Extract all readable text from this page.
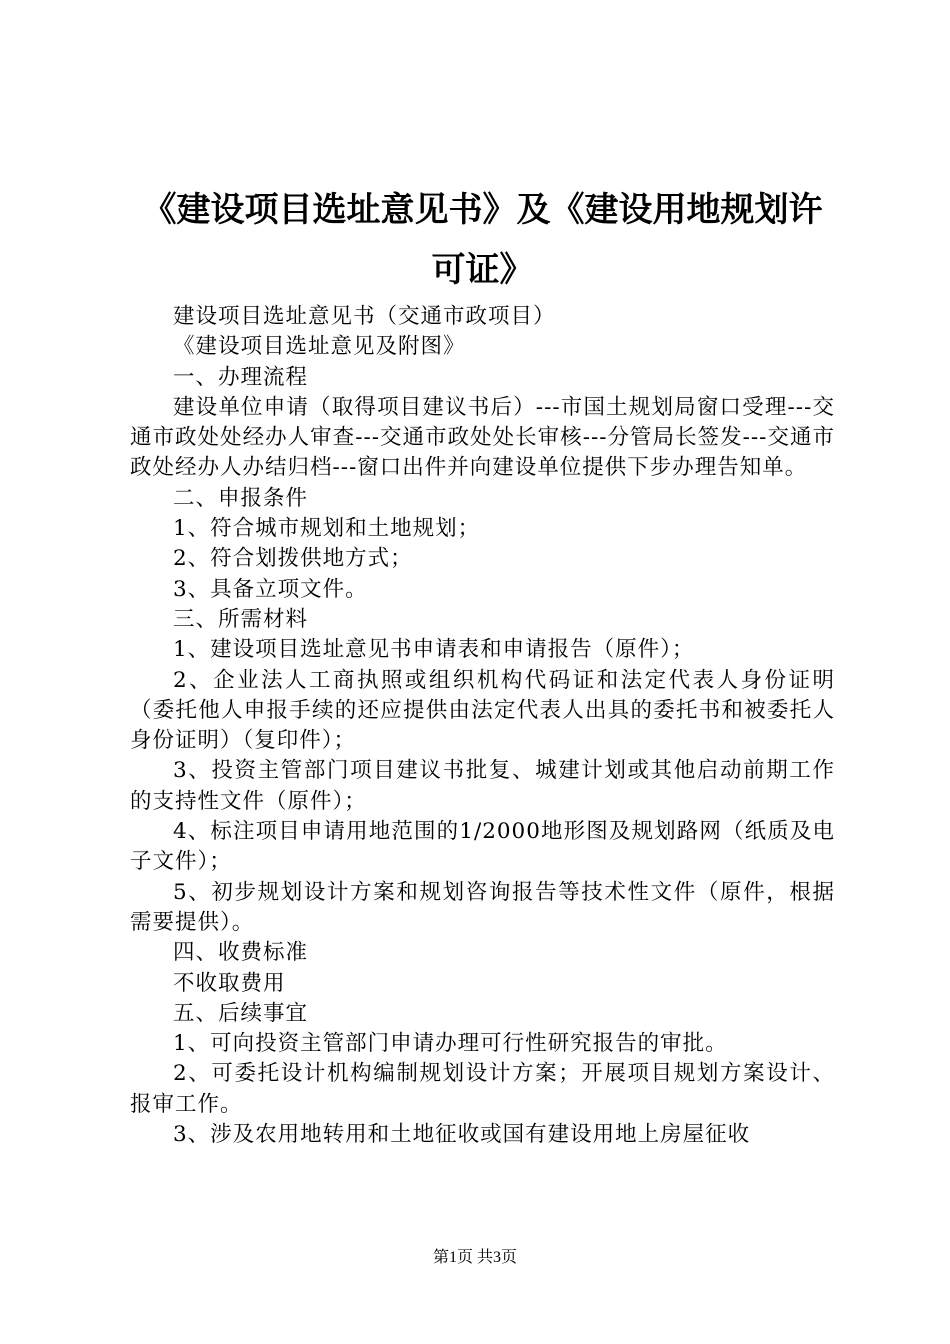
《建设项目选址意见书》及《建设用地规划许
可证》

建设项目选址意见书（交通市政项目）

《建设项目选址意见及附图》

一、办理流程

建设单位申请（取得项目建议书后）---市国土规划局窗口受理---交通市政处处经办人审查---交通市政处处长审核---分管局长签发---交通市政处经办人办结归档---窗口出件并向建设单位提供下步办理告知单。

二、申报条件

1、符合城市规划和土地规划；

2、符合划拨供地方式；

3、具备立项文件。

三、所需材料

1、建设项目选址意见书申请表和申请报告（原件）；

2、企业法人工商执照或组织机构代码证和法定代表人身份证明（委托他人申报手续的还应提供由法定代表人出具的委托书和被委托人身份证明）（复印件）；

3、投资主管部门项目建议书批复、城建计划或其他启动前期工作的支持性文件（原件）；

4、标注项目申请用地范围的1/2000地形图及规划路网（纸质及电子文件）；

5、初步规划设计方案和规划咨询报告等技术性文件（原件，根据需要提供）。

四、收费标准

不收取费用

五、后续事宜

1、可向投资主管部门申请办理可行性研究报告的审批。

2、可委托设计机构编制规划设计方案；开展项目规划方案设计、报审工作。

3、涉及农用地转用和土地征收或国有建设用地上房屋征收

第1页 共3页
